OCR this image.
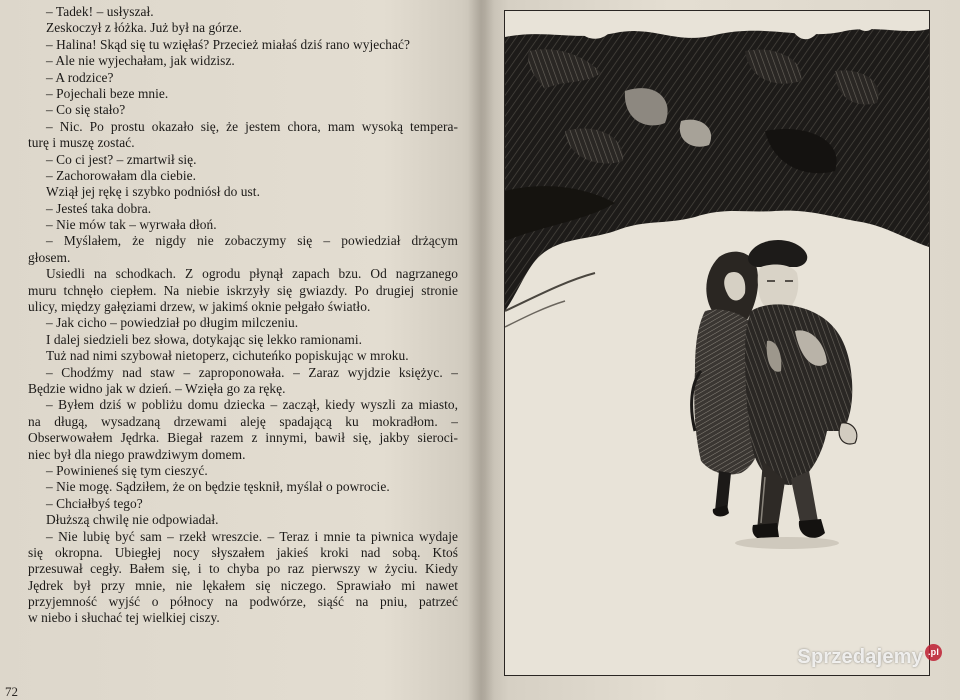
– Tadek! – usłyszał.
Zeskoczył z łóżka. Już był na górze.
– Halina! Skąd się tu wzięłaś? Przecież miałaś dziś rano wyjechać?
– Ale nie wyjechałam, jak widzisz.
– A rodzice?
– Pojechali beze mnie.
– Co się stało?
– Nic. Po prostu okazało się, że jestem chora, mam wysoką tempera-
turę i muszę zostać.
– Co ci jest? – zmartwił się.
– Zachorowałam dla ciebie.
Wziął jej rękę i szybko podniósł do ust.
– Jesteś taka dobra.
– Nie mów tak – wyrwała dłoń.
– Myślałem, że nigdy nie zobaczymy się – powiedział drżącym
głosem.
Usiedli na schodkach. Z ogrodu płynął zapach bzu. Od nagrzanego
muru tchnęło ciepłem. Na niebie iskrzyły się gwiazdy. Po drugiej stronie
ulicy, między gałęziami drzew, w jakimś oknie pełgało światło.
– Jak cicho – powiedział po długim milczeniu.
I dalej siedzieli bez słowa, dotykając się lekko ramionami.
Tuż nad nimi szybował nietoperz, cichuteńko popiskując w mroku.
– Chodźmy nad staw – zaproponowała. – Zaraz wyjdzie księżyc. –
Będzie widno jak w dzień. – Wzięła go za rękę.
– Byłem dziś w pobliżu domu dziecka – zaczął, kiedy wyszli za miasto,
na długą, wysadzaną drzewami aleję spadającą ku mokradłom. –
Obserwowałem Jędrka. Biegał razem z innymi, bawił się, jakby sieroci-
niec był dla niego prawdziwym domem.
– Powinieneś się tym cieszyć.
– Nie mogę. Sądziłem, że on będzie tęsknił, myślał o powrocie.
– Chciałbyś tego?
Dłuższą chwilę nie odpowiadał.
– Nie lubię być sam – rzekł wreszcie. – Teraz i mnie ta piwnica wydaje
się okropna. Ubiegłej nocy słyszałem jakieś kroki nad sobą. Ktoś
przesuwał cegły. Bałem się, i to chyba po raz pierwszy w życiu. Kiedy
Jędrek był przy mnie, nie lękałem się niczego. Sprawiało mi nawet
przyjemność wyjść o północy na podwórze, siąść na pniu, patrzeć
w niebo i słuchać tej wielkiej ciszy.
72
Sprzedajemy .pl
